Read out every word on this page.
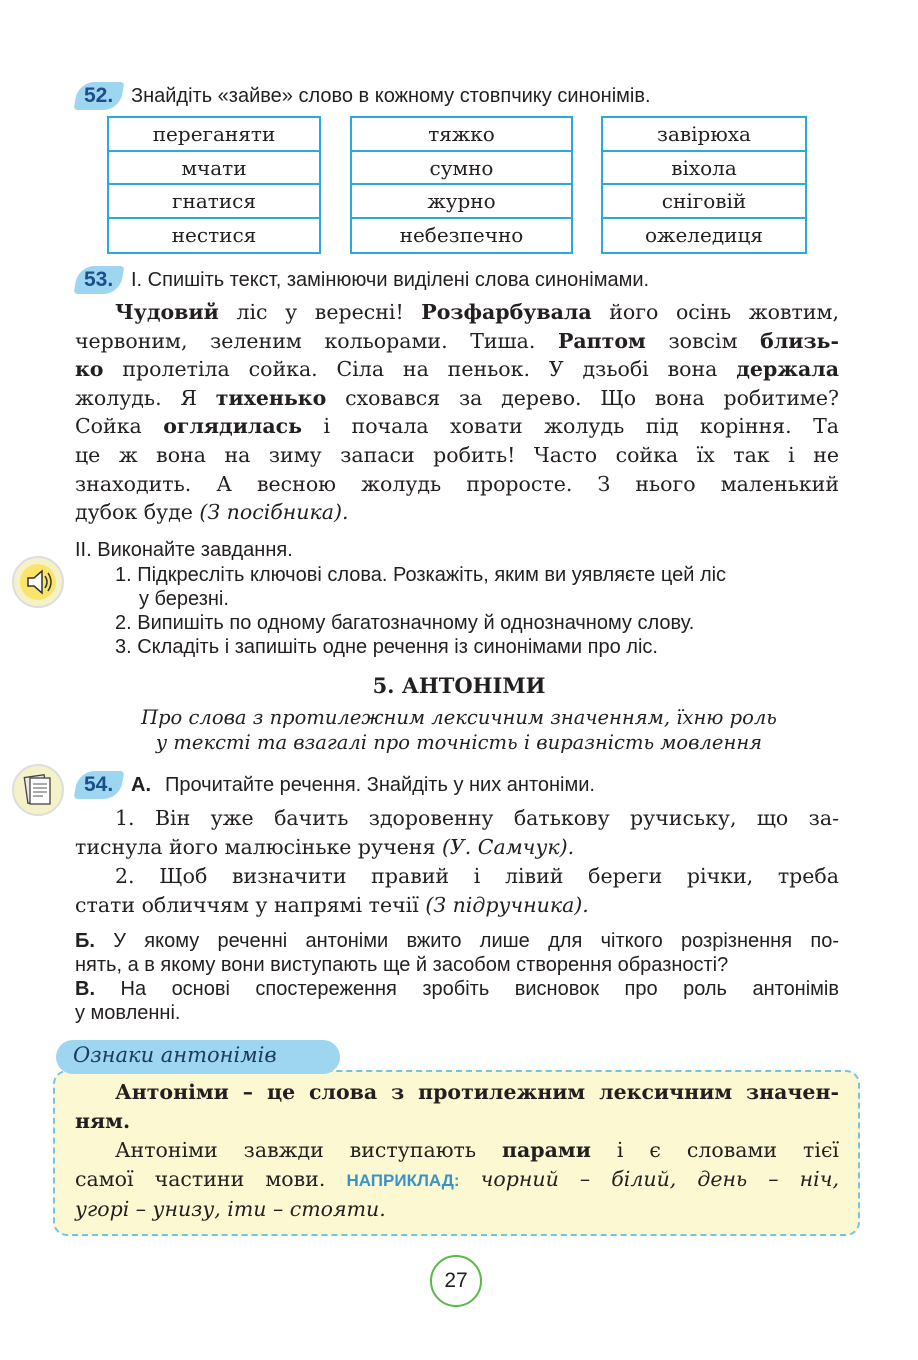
52. Знайдіть «зайве» слово в кожному стовпчику синонімів.
переганяти
мчати
гнатися
нестися
тяжко
сумно
журно
небезпечно
завірюха
віхола
сніговій
ожеледиця
53. І. Спишіть текст, замінюючи виділені слова синонімами.
Чудовий ліс у вересні! Розфарбувала його осінь жовтим,
червоним, зеленим кольорами. Тиша. Раптом зовсім близь-
ко пролетіла сойка. Сіла на пеньок. У дзьобі вона держала
жолудь. Я тихенько сховався за дерево. Що вона робитиме?
Сойка оглядилась і почала ховати жолудь під коріння. Та
це ж вона на зиму запаси робить! Часто сойка їх так і не
знаходить. А весною жолудь проросте. З нього маленький
дубок буде (З посібника).
ІІ. Виконайте завдання.
1. Підкресліть ключові слова. Розкажіть, яким ви уявляєте цей ліс
у березні.
2. Випишіть по одному багатозначному й однозначному слову.
3. Складіть і запишіть одне речення із синонімами про ліс.
5. АНТОНІМИ
Про слова з протилежним лексичним значенням, їхню роль
у тексті та взагалі про точність і виразність мовлення
54. А. Прочитайте речення. Знайдіть у них антоніми.
1. Він уже бачить здоровенну батькову ручиську, що за-
тиснула його малюсіньке рученя (У. Самчук).
2. Щоб визначити правий і лівий береги річки, треба
стати обличчям у напрямі течії (З підручника).
Б. У якому реченні антоніми вжито лише для чіткого розрізнення по-
нять, а в якому вони виступають ще й засобом створення образності?
В. На основі спостереження зробіть висновок про роль антонімів
у мовленні.
Ознаки антонімів
Антоніми – це слова з протилежним лексичним значен-
ням.
Антоніми завжди виступають парами і є словами тієї
самої частини мови. НАПРИКЛАД: чорний – білий, день – ніч,
угорі – унизу, іти – стояти.
27
